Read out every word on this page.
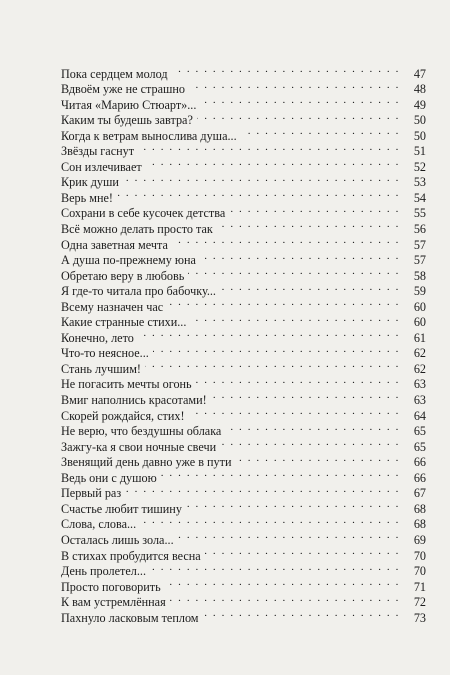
Пока сердцем молод . . .	47
Вдвоём уже не страшно . . .	48
Читая «Марию Стюарт»... . . .	49
Каким ты будешь завтра? . . .	50
Когда к ветрам вынослива душа... . . .	50
Звёзды гаснут . . .	51
Сон излечивает . . .	52
Крик души . . .	53
Верь мне! . . .	54
Сохрани в себе кусочек детства . . .	55
Всё можно делать просто так . . .	56
Одна заветная мечта . . .	57
А душа по-прежнему юна . . .	57
Обретаю веру в любовь . . .	58
Я где-то читала про бабочку... . . .	59
Всему назначен час . . .	60
Какие странные стихи... . . .	60
Конечно, лето . . .	61
Что-то неясное... . . .	62
Стань лучшим! . . .	62
Не погасить мечты огонь . . .	63
Вмиг наполнись красотами! . . .	63
Скорей рождайся, стих! . . .	64
Не верю, что бездушны облака . . .	65
Зажгу-ка я свои ночные свечи . . .	65
Звенящий день давно уже в пути . . .	66
Ведь они с душою . . .	66
Первый раз . . .	67
Счастье любит тишину . . .	68
Слова, слова... . . .	68
Осталась лишь зола... . . .	69
В стихах пробудится весна . . .	70
День пролетел... . . .	70
Просто поговорить . . .	71
К вам устремлённая . . .	72
Пахнуло ласковым теплом . . .	73
